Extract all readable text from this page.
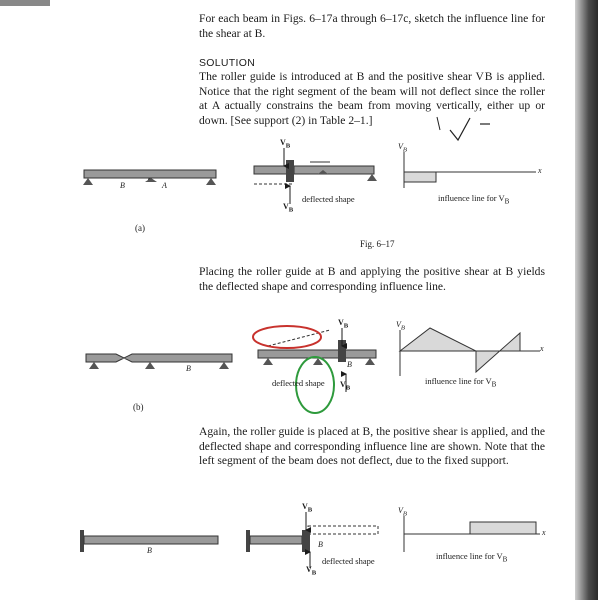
For each beam in Figs. 6–17a through 6–17c, sketch the influence line for the shear at B.
SOLUTION
The roller guide is introduced at B and the positive shear V B is applied. Notice that the right segment of the beam will not deflect since the roller at A actually constrains the beam from moving vertically, either up or down. [See support (2) in Table 2–1.]
Placing the roller guide at B and applying the positive shear at B yields the deflected shape and corresponding influence line.
Again, the roller guide is placed at B, the positive shear is applied, and the deflected shape and corresponding influence line are shown. Note that the left segment of the beam does not deflect, due to the fixed support.
B	A
$V_B$
$V_B$
deflected shape	influence line for $V_B$
$V_B$
x
(a)
Fig. 6–17
B	B
$V_B$
$V_B$
deflected shape	influence line for $V_B$
$V_B$
x
(b)
B
B
$V_B$
$V_B$
deflected shape	influence line for $V_B$
$V_B$
x
